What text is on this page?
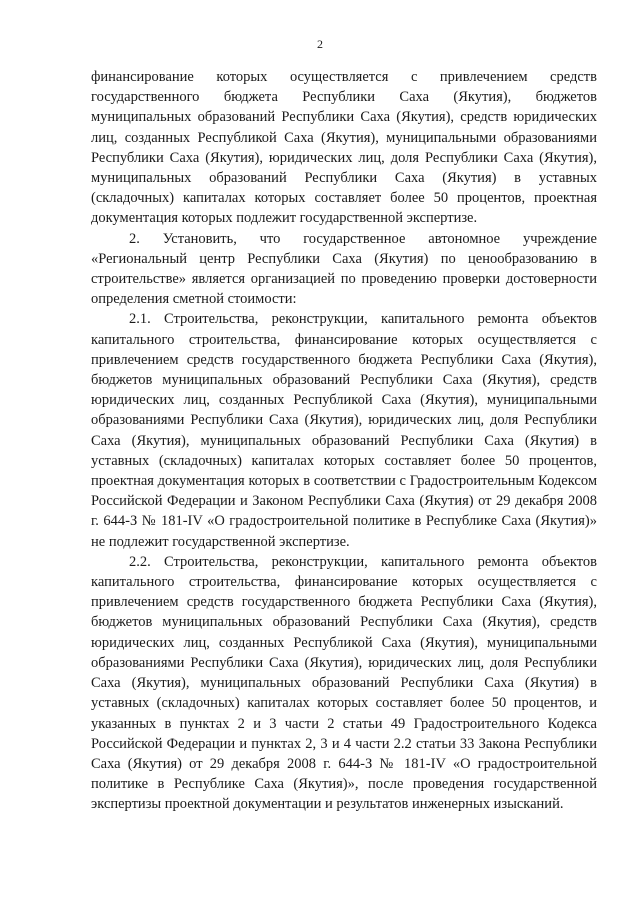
2

финансирование которых осуществляется с привлечением средств государственного бюджета Республики Саха (Якутия), бюджетов муниципальных образований Республики Саха (Якутия), средств юридических лиц, созданных Республикой Саха (Якутия), муниципальными образованиями Республики Саха (Якутия), юридических лиц, доля Республики Саха (Якутия), муниципальных образований Республики Саха (Якутия) в уставных (складочных) капиталах которых составляет более 50 процентов, проектная документация которых подлежит государственной экспертизе.

2. Установить, что государственное автономное учреждение «Региональный центр Республики Саха (Якутия) по ценообразованию в строительстве» является организацией по проведению проверки достоверности определения сметной стоимости:

2.1. Строительства, реконструкции, капитального ремонта объектов капитального строительства, финансирование которых осуществляется с привлечением средств государственного бюджета Республики Саха (Якутия), бюджетов муниципальных образований Республики Саха (Якутия), средств юридических лиц, созданных Республикой Саха (Якутия), муниципальными образованиями Республики Саха (Якутия), юридических лиц, доля Республики Саха (Якутия), муниципальных образований Республики Саха (Якутия) в уставных (складочных) капиталах которых составляет более 50 процентов, проектная документация которых в соответствии с Градостроительным Кодексом Российской Федерации и Законом Республики Саха (Якутия) от 29 декабря 2008 г. 644-З № 181-IV «О градостроительной политике в Республике Саха (Якутия)» не подлежит государственной экспертизе.

2.2. Строительства, реконструкции, капитального ремонта объектов капитального строительства, финансирование которых осуществляется с привлечением средств государственного бюджета Республики Саха (Якутия), бюджетов муниципальных образований Республики Саха (Якутия), средств юридических лиц, созданных Республикой Саха (Якутия), муниципальными образованиями Республики Саха (Якутия), юридических лиц, доля Республики Саха (Якутия), муниципальных образований Республики Саха (Якутия) в уставных (складочных) капиталах которых составляет более 50 процентов, и указанных в пунктах 2 и 3 части 2 статьи 49 Градостроительного Кодекса Российской Федерации и пунктах 2, 3 и 4 части 2.2 статьи 33 Закона Республики Саха (Якутия) от 29 декабря 2008 г. 644-З № 181-IV «О градостроительной политике в Республике Саха (Якутия)», после проведения государственной экспертизы проектной документации и результатов инженерных изысканий.
